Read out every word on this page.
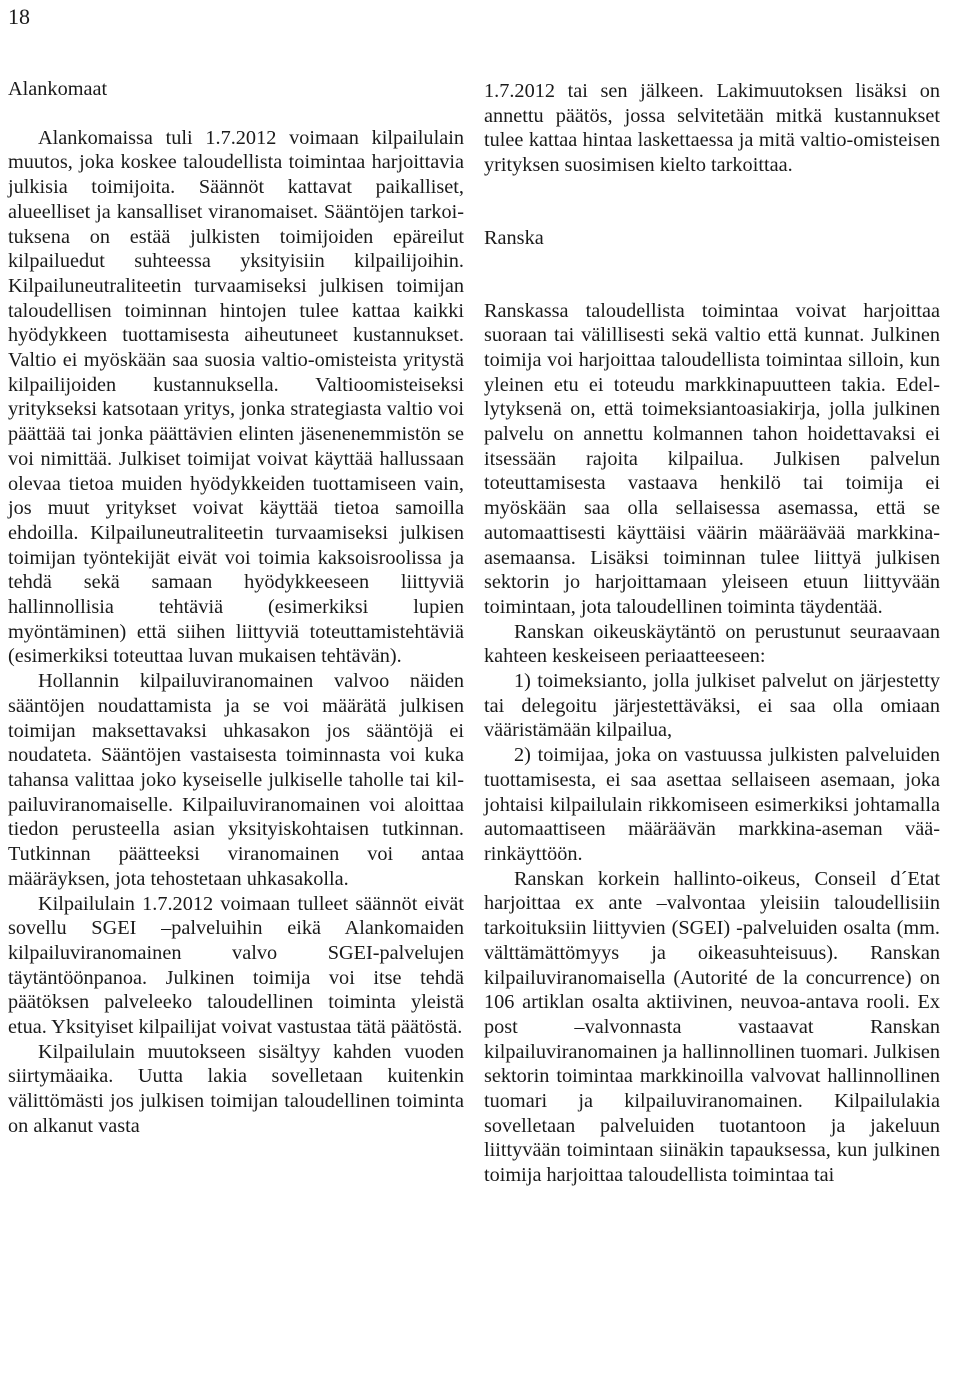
18

Alankomaat

Alankomaissa tuli 1.7.2012 voimaan kilpailulain muutos, joka koskee taloudellista toimintaa harjoittavia julkisia toimijoita. Säännöt kattavat paikalliset, alueelliset ja kansalliset viranomaiset. Sääntöjen tarkoituksena on estää julkisten toimijoiden epäreilut kilpailuedut suhteessa yksityisiin kilpailijoihin. Kilpailuneutraliteetin turvaamiseksi julkisen toimijan taloudellisen toiminnan hintojen tulee kattaa kaikki hyödykkeen tuottamisesta aiheutuneet kustannukset. Valtio ei myöskään saa suosia valtio-omisteista yritystä kilpailijoiden kustannuksella. Valtioomisteiseksi yritykseksi katsotaan yritys, jonka strategiasta valtio voi päättää tai jonka päättävien elinten jäsenenemmistön se voi nimittää. Julkiset toimijat voivat käyttää hallussaan olevaa tietoa muiden hyödykkeiden tuottamiseen vain, jos muut yritykset voivat käyttää tietoa samoilla ehdoilla. Kilpailuneutraliteetin turvaamiseksi julkisen toimijan työntekijät eivät voi toimia kaksoisroolissa ja tehdä sekä samaan hyödykkeeseen liittyviä hallinnollisia tehtäviä (esimerkiksi lupien myöntäminen) että siihen liittyviä toteuttamistehtäviä (esimerkiksi toteuttaa luvan mukaisen tehtävän).

Hollannin kilpailuviranomainen valvoo näiden sääntöjen noudattamista ja se voi määrätä julkisen toimijan maksettavaksi uhkasakon jos sääntöjä ei noudateta. Sääntöjen vastaisesta toiminnasta voi kuka tahansa valittaa joko kyseiselle julkiselle taholle tai kilpailuviranomaiselle. Kilpailuviranomainen voi aloittaa tiedon perusteella asian yksityiskohtaisen tutkinnan. Tutkinnan päätteeksi viranomainen voi antaa määräyksen, jota tehostetaan uhkasakolla.

Kilpailulain 1.7.2012 voimaan tulleet säännöt eivät sovellu SGEI –palveluihin eikä Alankomaiden kilpailuviranomainen valvo SGEI-palvelujen täytäntöönpanoa. Julkinen toimija voi itse tehdä päätöksen palveleeko taloudellinen toiminta yleistä etua. Yksityiset kilpailijat voivat vastustaa tätä päätöstä.

Kilpailulain muutokseen sisältyy kahden vuoden siirtymäaika. Uutta lakia sovelletaan kuitenkin välittömästi jos julkisen toimijan taloudellinen toiminta on alkanut vasta

1.7.2012 tai sen jälkeen. Lakimuutoksen lisäksi on annettu päätös, jossa selvitetään mitkä kustannukset tulee kattaa hintaa laskettaessa ja mitä valtio-omisteisen yrityksen suosimisen kielto tarkoittaa.

Ranska

Ranskassa taloudellista toimintaa voivat harjoittaa suoraan tai välillisesti sekä valtio että kunnat. Julkinen toimija voi harjoittaa taloudellista toimintaa silloin, kun yleinen etu ei toteudu markkinapuutteen takia. Edellytyksenä on, että toimeksiantoasiakirja, jolla julkinen palvelu on annettu kolmannen tahon hoidettavaksi ei itsessään rajoita kilpailua. Julkisen palvelun toteuttamisesta vastaava henkilö tai toimija ei myöskään saa olla sellaisessa asemassa, että se automaattisesti käyttäisi väärin määräävää markkinaasemaansa. Lisäksi toiminnan tulee liittyä julkisen sektorin jo harjoittamaan yleiseen etuun liittyvään toimintaan, jota taloudellinen toiminta täydentää.

Ranskan oikeuskäytäntö on perustunut seuraavaan kahteen keskeiseen periaatteeseen:

1) toimeksianto, jolla julkiset palvelut on järjestetty tai delegoitu järjestettäväksi, ei saa olla omiaan vääristämään kilpailua,

2) toimijaa, joka on vastuussa julkisten palveluiden tuottamisesta, ei saa asettaa sellaiseen asemaan, joka johtaisi kilpailulain rikkomiseen esimerkiksi johtamalla automaattiseen määräävän markkina-aseman väärinkäyttöön.

Ranskan korkein hallinto-oikeus, Conseil d´Etat harjoittaa ex ante –valvontaa yleisiin taloudellisiin tarkoituksiin liittyvien (SGEI) -palveluiden osalta (mm. välttämättömyys ja oikeasuhteisuus). Ranskan kilpailuviranomaisella (Autorité de la concurrence) on 106 artiklan osalta aktiivinen, neuvoa-antava rooli. Ex post –valvonnasta vastaavat Ranskan kilpailuviranomainen ja hallinnollinen tuomari. Julkisen sektorin toimintaa markkinoilla valvovat hallinnollinen tuomari ja kilpailuviranomainen. Kilpailulakia sovelletaan palveluiden tuotantoon ja jakeluun liittyvään toimintaan siinäkin tapauksessa, kun julkinen toimija harjoittaa taloudellista toimintaa tai
